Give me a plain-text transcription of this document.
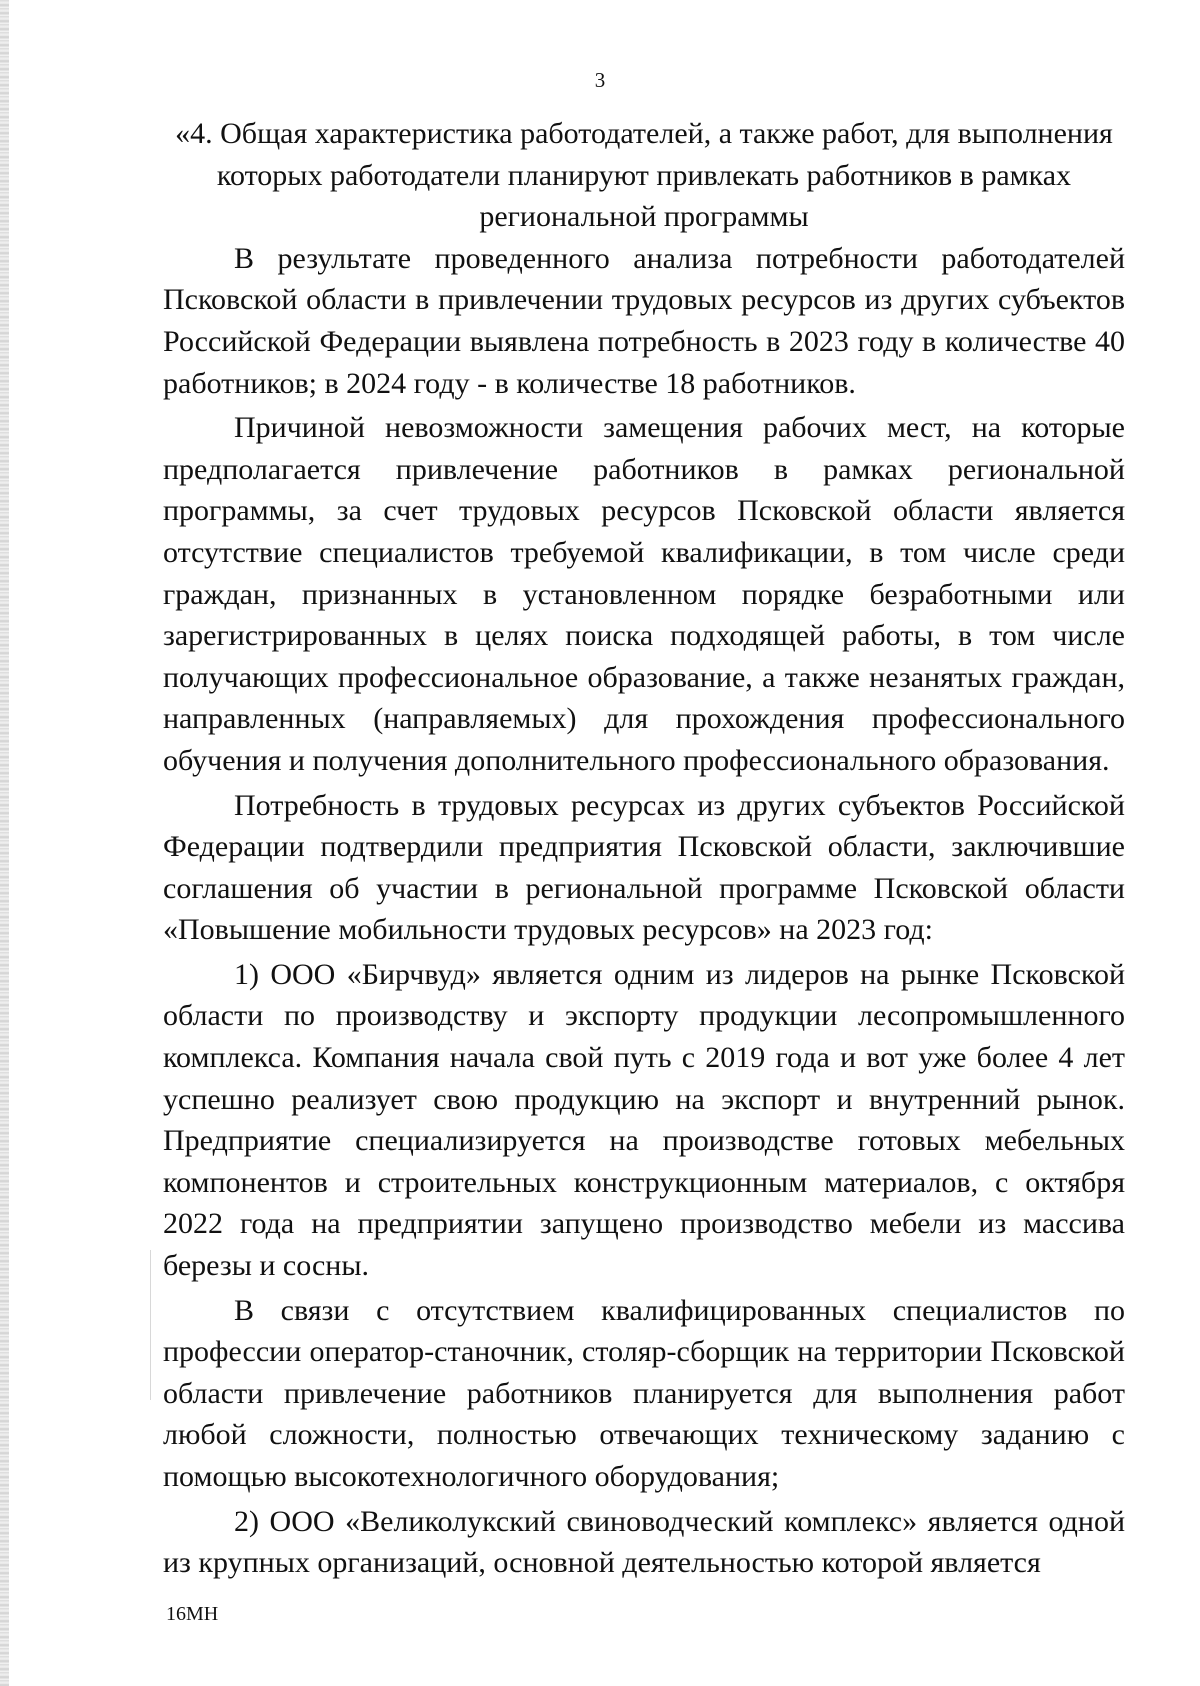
3

«4. Общая характеристика работодателей, а также работ, для выполнения которых работодатели планируют привлекать работников в рамках региональной программы

В результате проведенного анализа потребности работодателей Псковской области в привлечении трудовых ресурсов из других субъектов Российской Федерации выявлена потребность в 2023 году в количестве 40 работников; в 2024 году - в количестве 18 работников.

Причиной невозможности замещения рабочих мест, на которые предполагается привлечение работников в рамках региональной программы, за счет трудовых ресурсов Псковской области является отсутствие специалистов требуемой квалификации, в том числе среди граждан, признанных в установленном порядке безработными или зарегистрированных в целях поиска подходящей работы, в том числе получающих профессиональное образование, а также незанятых граждан, направленных (направляемых) для прохождения профессионального обучения и получения дополнительного профессионального образования.

Потребность в трудовых ресурсах из других субъектов Российской Федерации подтвердили предприятия Псковской области, заключившие соглашения об участии в региональной программе Псковской области «Повышение мобильности трудовых ресурсов» на 2023 год:

1) ООО «Бирчвуд» является одним из лидеров на рынке Псковской области по производству и экспорту продукции лесопромышленного комплекса. Компания начала свой путь с 2019 года и вот уже более 4 лет успешно реализует свою продукцию на экспорт и внутренний рынок. Предприятие специализируется на производстве готовых мебельных компонентов и строительных конструкционным материалов, с октября 2022 года на предприятии запущено производство мебели из массива березы и сосны.

В связи с отсутствием квалифицированных специалистов по профессии оператор-станочник, столяр-сборщик на территории Псковской области привлечение работников планируется для выполнения работ любой сложности, полностью отвечающих техническому заданию с помощью высокотехнологичного оборудования;

2) ООО «Великолукский свиноводческий комплекс» является одной из крупных организаций, основной деятельностью которой является

16МН
